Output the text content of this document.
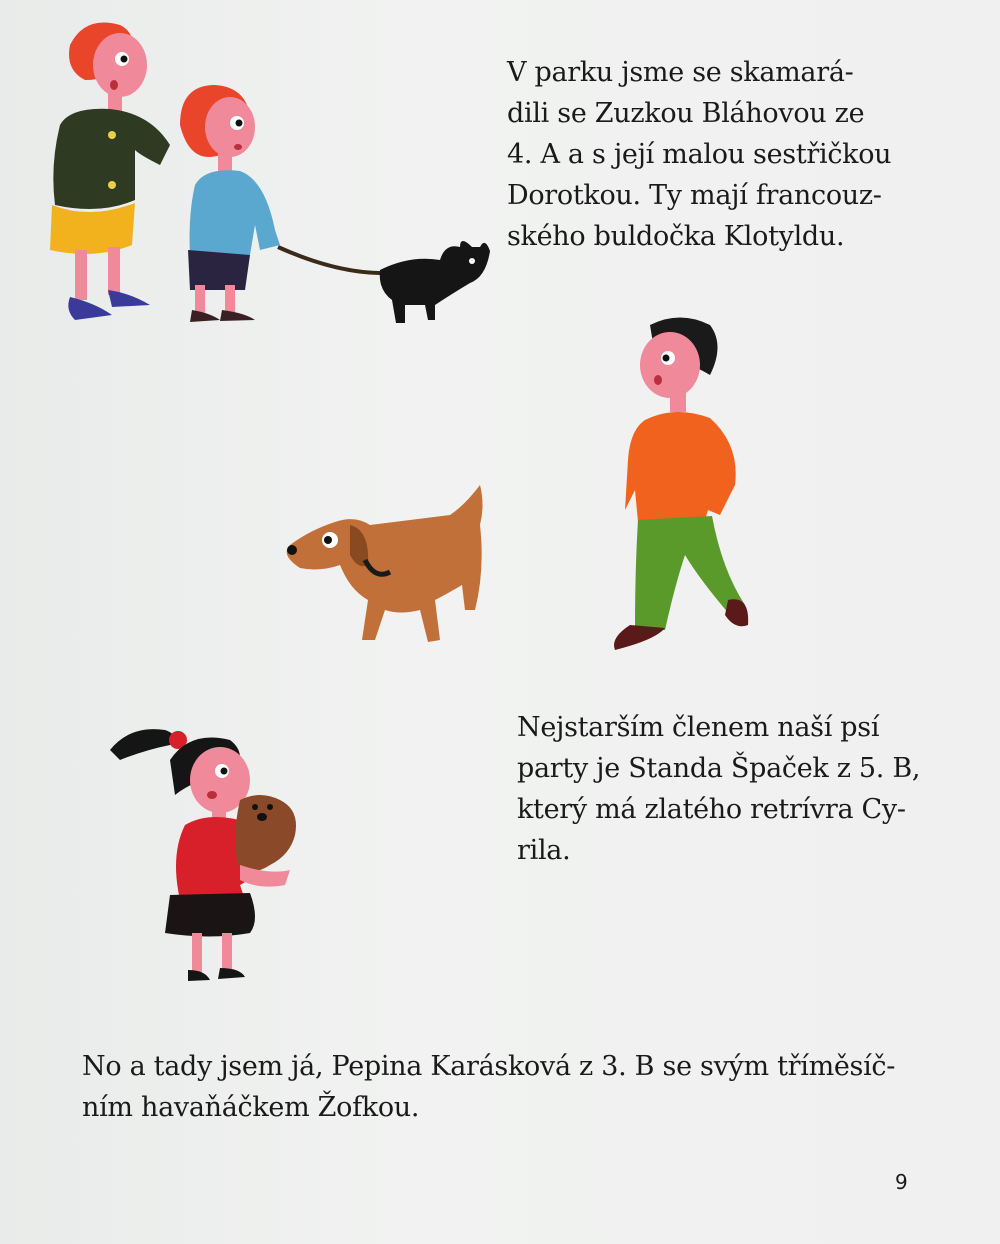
V parku jsme se skamará-

dili se Zuzkou Bláhovou ze

4. A a s její malou sestřičkou

Dorotkou. Ty mají francouz-

ského buldočka Klotyldu.

Nejstarším členem naší psí

party je Standa Špaček z 5. B,

který má zlatého retrívra Cy-

rila.

No a tady jsem já, Pepina Karásková z 3. B se svým tříměsíč-

ním havaňáčkem Žofkou.

9
